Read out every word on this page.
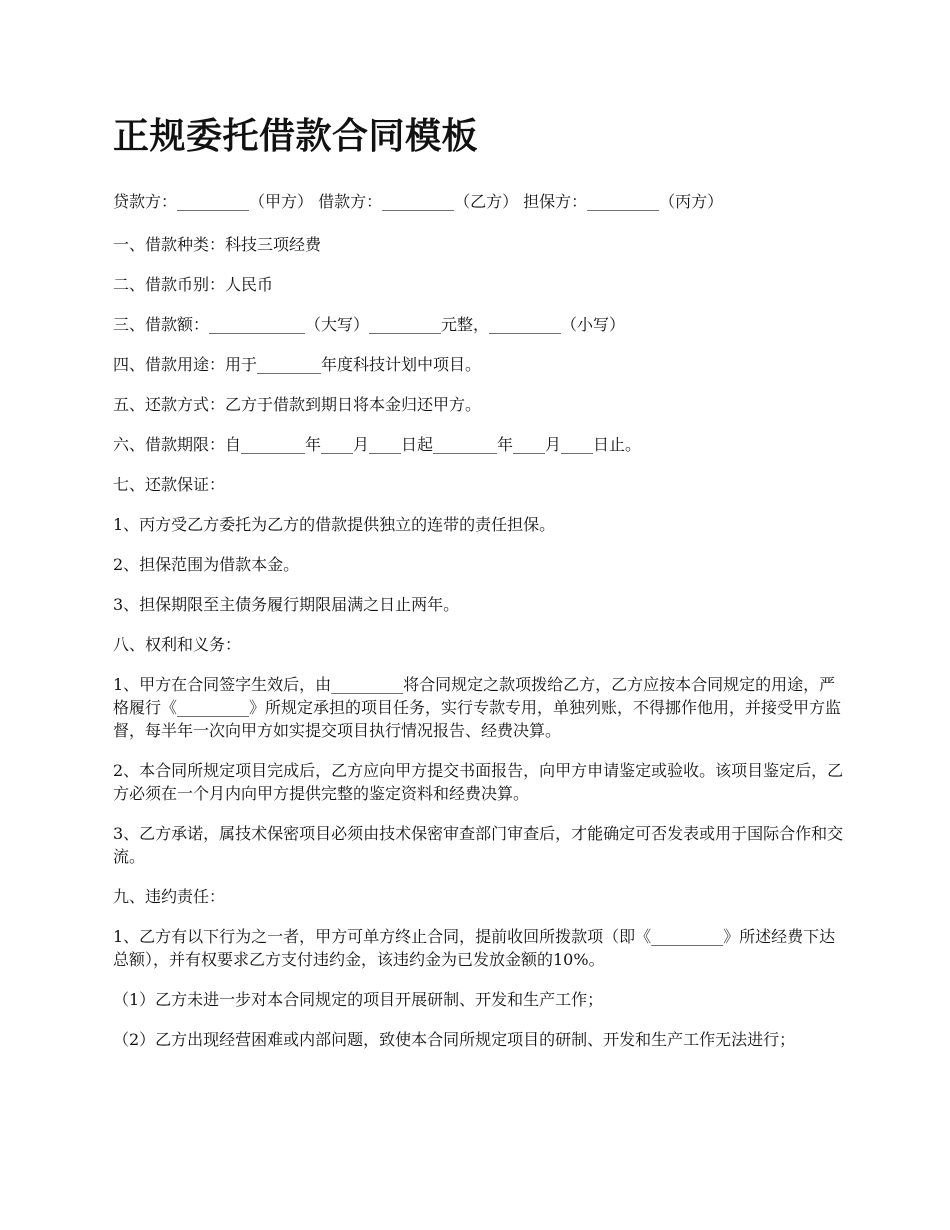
正规委托借款合同模板

贷款方：_________（甲方） 借款方：_________（乙方） 担保方：_________（丙方）

一、借款种类：科技三项经费

二、借款币别：人民币

三、借款额：____________（大写）_________元整，_________（小写）

四、借款用途：用于________年度科技计划中项目。

五、还款方式：乙方于借款到期日将本金归还甲方。

六、借款期限：自________年____月____日起________年____月____日止。

七、还款保证：

1、丙方受乙方委托为乙方的借款提供独立的连带的责任担保。

2、担保范围为借款本金。

3、担保期限至主债务履行期限届满之日止两年。

八、权利和义务：

1、甲方在合同签字生效后，由_________将合同规定之款项拨给乙方，乙方应按本合同规定的用途，严格履行《_________》所规定承担的项目任务，实行专款专用，单独列账，不得挪作他用，并接受甲方监督，每半年一次向甲方如实提交项目执行情况报告、经费决算。

2、本合同所规定项目完成后，乙方应向甲方提交书面报告，向甲方申请鉴定或验收。该项目鉴定后，乙方必须在一个月内向甲方提供完整的鉴定资料和经费决算。

3、乙方承诺，属技术保密项目必须由技术保密审查部门审查后，才能确定可否发表或用于国际合作和交流。

九、违约责任：

1、乙方有以下行为之一者，甲方可单方终止合同，提前收回所拨款项（即《_________》所述经费下达总额），并有权要求乙方支付违约金，该违约金为已发放金额的10%。

（1）乙方未进一步对本合同规定的项目开展研制、开发和生产工作；

（2）乙方出现经营困难或内部问题，致使本合同所规定项目的研制、开发和生产工作无法进行；
